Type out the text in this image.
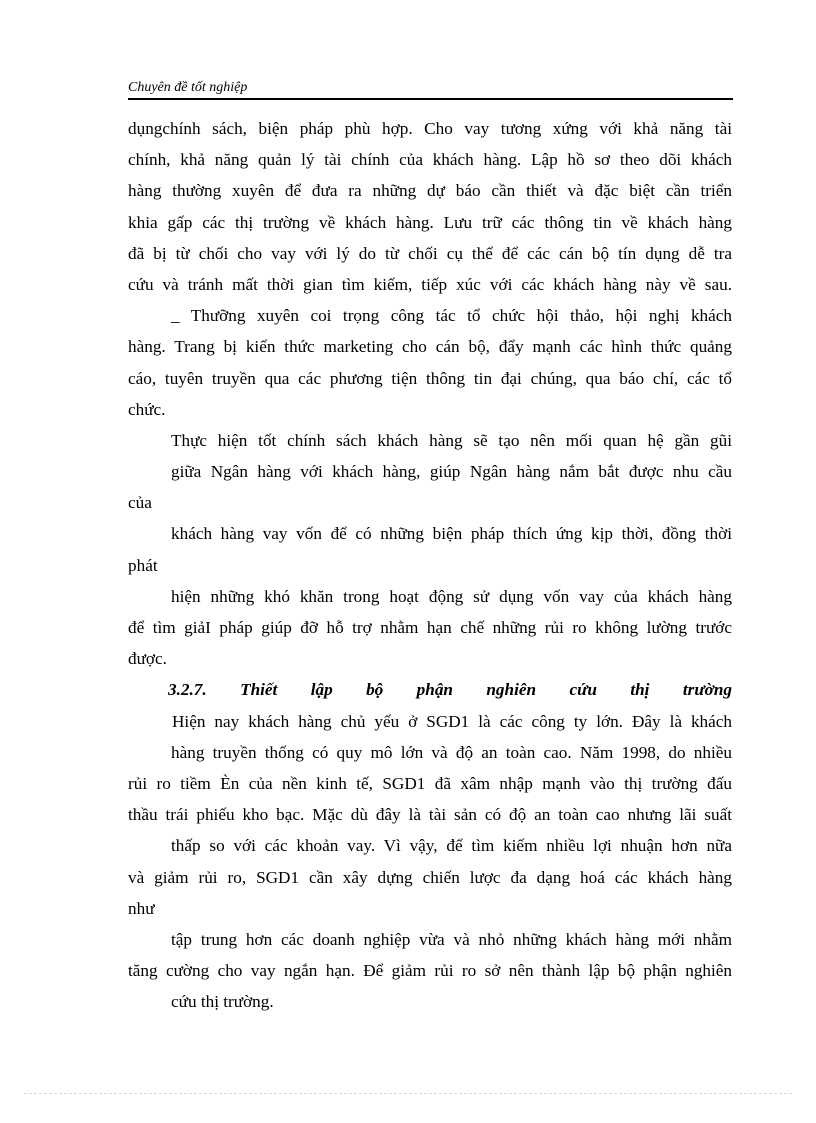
Chuyên đề tốt nghiệp
dụngchính sách, biện pháp phù hợp. Cho vay tương xứng với khả năng tài
chính, khả năng quản lý tài chính của khách hàng. Lập hồ sơ theo dõi khách
hàng thường xuyên để đưa ra những dự báo cần thiết và đặc biệt cần triển
khia gấp các thị trường về khách hàng. Lưu trữ các thông tin về khách hàng
đã bị từ chối cho vay với lý do từ chối cụ thể để các cán bộ tín dụng dễ tra
cứu và tránh mất thời gian tìm kiếm, tiếp xúc với các khách hàng này về sau.
_ Thưỡng xuyên coi trọng công tác tổ chức hội thảo, hội nghị khách
hàng. Trang bị kiến thức marketing cho cán bộ, đẩy mạnh các hình thức quảng
cáo, tuyên truyền qua các phương tiện thông tin đại chúng, qua báo chí, các tổ
chức.
Thực hiện tốt chính sách khách hàng sẽ tạo nên mối quan hệ gần gũi
giữa Ngân hàng với khách hàng, giúp Ngân hàng nắm bắt được nhu cầu
của
khách hàng vay vốn để có những biện pháp thích ứng kịp thời, đồng thời
phát
hiện những khó khăn trong hoạt động sử dụng vốn vay của khách hàng
để tìm giảI pháp giúp đỡ hỗ trợ nhằm hạn chế những rủi ro không lường trước
được.
3.2.7. Thiết lập bộ phận nghiên cứu thị trường
Hiện nay khách hàng chủ yếu ở SGD1 là các công ty lớn. Đây là khách
hàng truyền thống có quy mô lớn và độ an toàn cao. Năm 1998, do nhiều
rủi ro tiềm Èn của nền kinh tế, SGD1 đã xâm nhập mạnh vào thị trường đấu
thầu trái phiếu kho bạc. Mặc dù đây là tài sản có độ an toàn cao nhưng lãi suất
thấp so với các khoản vay. Vì vậy, để tìm kiếm nhiều lợi nhuận hơn nữa
và giảm rủi ro, SGD1 cần xây dựng chiến lược đa dạng hoá các khách hàng
như
tập trung hơn các doanh nghiệp vừa và nhỏ những khách hàng mới nhằm
tăng cường cho vay ngắn hạn. Để giảm rủi ro sở nên thành lập bộ phận nghiên
cứu thị trường.
